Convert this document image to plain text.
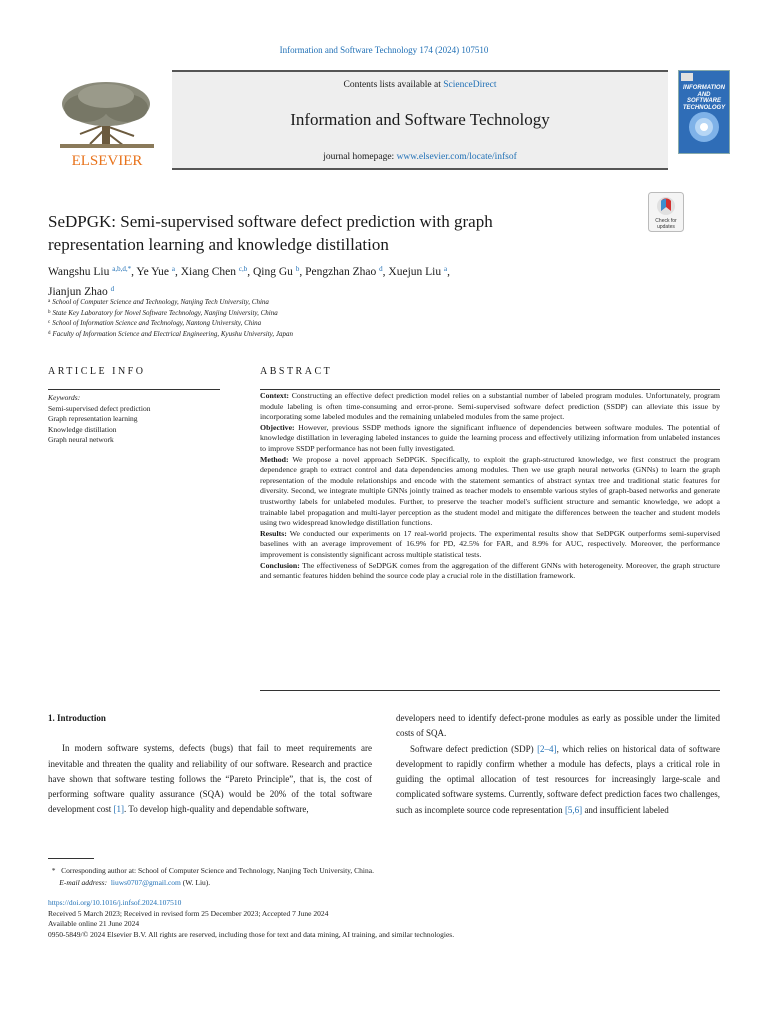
Information and Software Technology 174 (2024) 107510
ELSEVIER
Contents lists available at ScienceDirect
Information and Software Technology
journal homepage: www.elsevier.com/locate/infsof
INFORMATION
AND
SOFTWARE
TECHNOLOGY
Check for
updates
SeDPGK: Semi-supervised software defect prediction with graph
representation learning and knowledge distillation
Wangshu Liu $^{a,b,d,*}$, Ye Yue $^a$, Xiang Chen $^{c,b}$, Qing Gu $^b$, Pengzhan Zhao $^d$, Xuejun Liu $^a$,
Jianjun Zhao $^d$
$^a$ School of Computer Science and Technology, Nanjing Tech University, China
$^b$ State Key Laboratory for Novel Software Technology, Nanjing University, China
$^c$ School of Information Science and Technology, Nantong University, China
$^d$ Faculty of Information Science and Electrical Engineering, Kyushu University, Japan
ARTICLE INFO	ABSTRACT
Keywords:
Semi-supervised defect prediction
Graph representation learning
Knowledge distillation
Graph neural network

Context: Constructing an effective defect prediction model relies on a substantial number of labeled program modules. Unfortunately, program module labeling is often time-consuming and error-prone. Semi-supervised software defect prediction (SSDP) can alleviate this issue by incorporating some labeled modules and the remaining unlabeled modules from the same project.

Objective: However, previous SSDP methods ignore the significant influence of dependencies between software modules. The potential of knowledge distillation in leveraging labeled instances to guide the learning process and effectively utilizing information from unlabeled instances to improve SSDP performance has not been fully investigated.

Method: We propose a novel approach SeDPGK. Specifically, to exploit the graph-structured knowledge, we first construct the program dependence graph to extract control and data dependencies among modules. Then we use graph neural networks (GNNs) to learn the graph representation of the module relationships and encode with the statement semantics of abstract syntax tree and traditional static features for diversity. Second, we integrate multiple GNNs jointly trained as teacher models to ensemble various styles of graph-based networks and generate trustworthy labels for unlabeled modules. Further, to preserve the teacher model's sufficient structure and semantic knowledge, we adopt a trainable label propagation and multi-layer perception as the student model and mitigate the differences between the teacher and student models using two widespread knowledge distillation functions.

Results: We conducted our experiments on 17 real-world projects. The experimental results show that SeDPGK outperforms semi-supervised baselines with an average improvement of 16.9% for PD, 42.5% for FAR, and 8.9% for AUC, respectively. Moreover, the performance improvement is consistently significant across multiple statistical tests.

Conclusion: The effectiveness of SeDPGK comes from the aggregation of the different GNNs with heterogeneity. Moreover, the graph structure and semantic features hidden behind the source code play a crucial role in the distillation framework.

1. Introduction

In modern software systems, defects (bugs) that fail to meet requirements are inevitable and threaten the quality and reliability of our software. Research and practice have shown that software testing follows the “Pareto Principle”, that is, the cost of performing software quality assurance (SQA) would be 20% of the total software development cost [1]. To develop high-quality and dependable software,

developers need to identify defect-prone modules as early as possible under the limited costs of SQA.

Software defect prediction (SDP) [2–4], which relies on historical data of software development to rapidly confirm whether a module has defects, plays a critical role in guiding the optimal allocation of test resources for increasingly large-scale and complicated software systems. Currently, software defect prediction faces two challenges, such as incomplete source code representation [5,6] and insufficient labeled

* Corresponding author at: School of Computer Science and Technology, Nanjing Tech University, China.
E-mail address: liuws0707@gmail.com (W. Liu).
https://doi.org/10.1016/j.infsof.2024.107510
Received 5 March 2023; Received in revised form 25 December 2023; Accepted 7 June 2024
Available online 21 June 2024
0950-5849/© 2024 Elsevier B.V. All rights are reserved, including those for text and data mining, AI training, and similar technologies.
